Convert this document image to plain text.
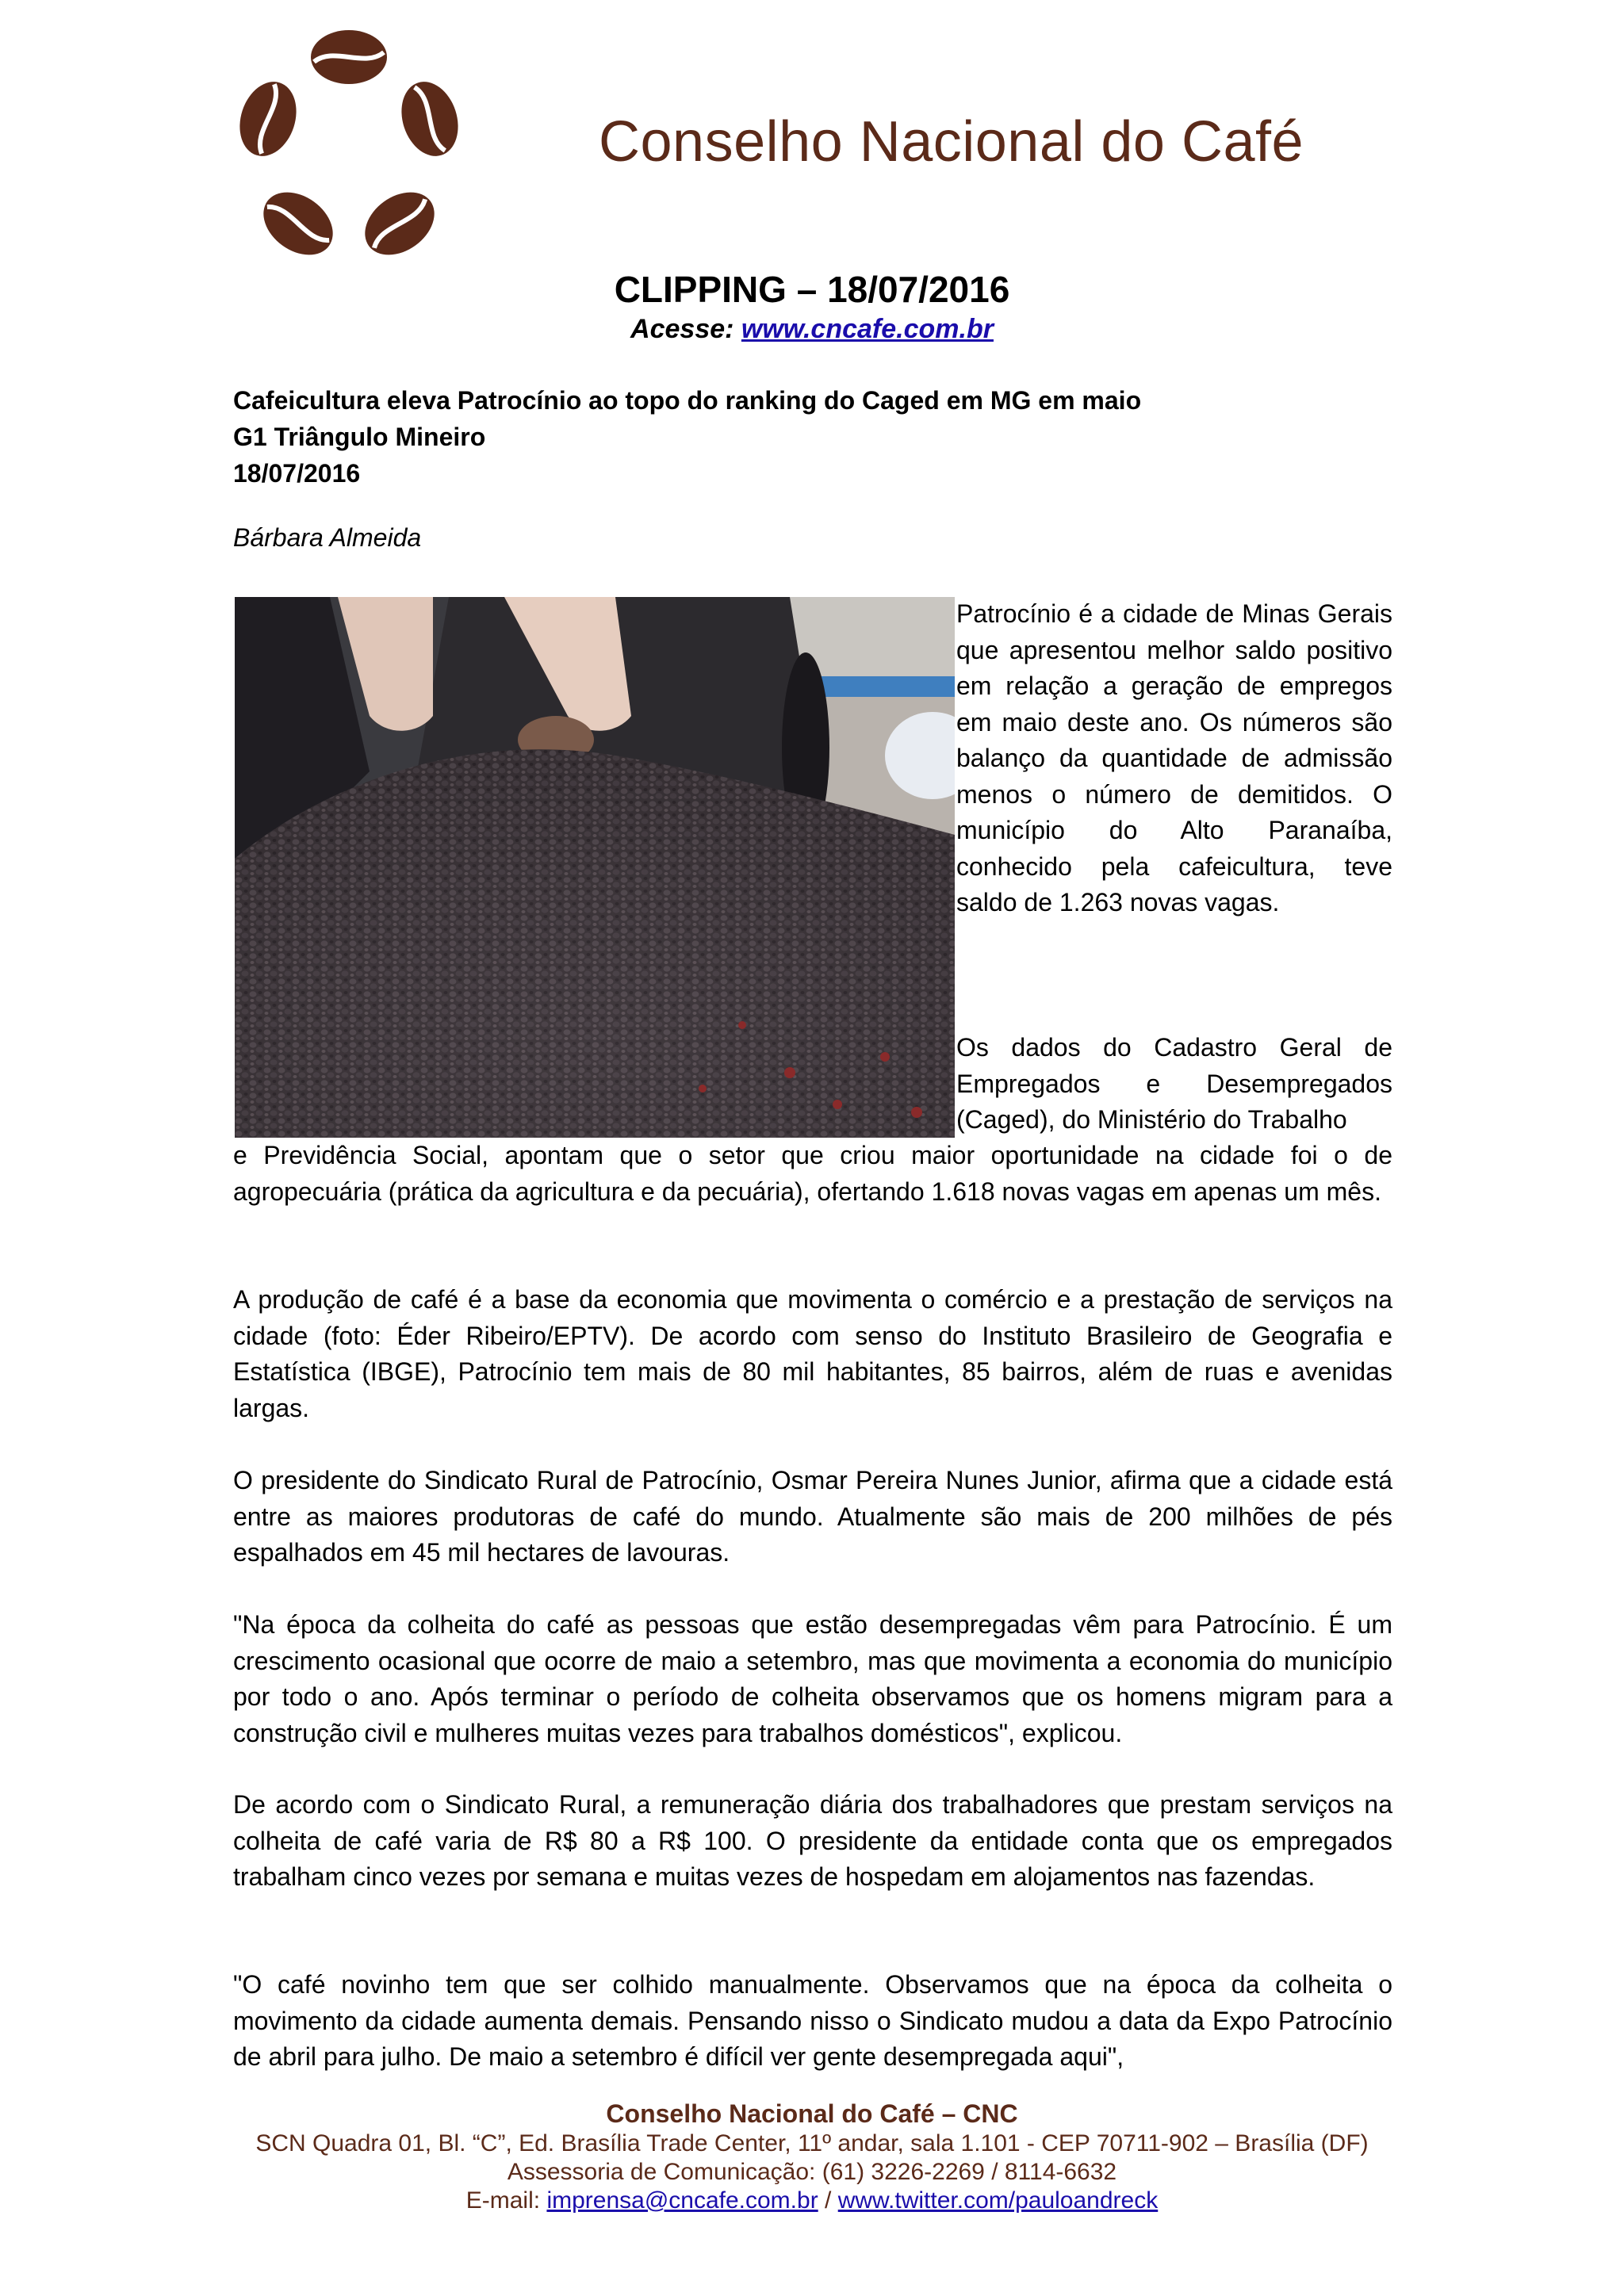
Conselho Nacional do Café
CLIPPING – 18/07/2016
Acesse: www.cncafe.com.br
Cafeicultura eleva Patrocínio ao topo do ranking do Caged em MG em maio
G1 Triângulo Mineiro
18/07/2016
Bárbara Almeida
Patrocínio é a cidade de Minas Gerais que apresentou melhor saldo positivo em relação a geração de empregos em maio deste ano. Os números são balanço da quantidade de admissão menos o número de demitidos. O município do Alto Paranaíba, conhecido pela cafeicultura, teve saldo de 1.263 novas vagas.
Os dados do Cadastro Geral de Empregados e Desempregados (Caged), do Ministério do Trabalho
e Previdência Social, apontam que o setor que criou maior oportunidade na cidade foi o de agropecuária (prática da agricultura e da pecuária), ofertando 1.618 novas vagas em apenas um mês.
A produção de café é a base da economia que movimenta o comércio e a prestação de serviços na cidade (foto: Éder Ribeiro/EPTV). De acordo com senso do Instituto Brasileiro de Geografia e Estatística (IBGE), Patrocínio tem mais de 80 mil habitantes, 85 bairros, além de ruas e avenidas largas.
O presidente do Sindicato Rural de Patrocínio, Osmar Pereira Nunes Junior, afirma que a cidade está entre as maiores produtoras de café do mundo. Atualmente são mais de 200 milhões de pés espalhados em 45 mil hectares de lavouras.
"Na época da colheita do café as pessoas que estão desempregadas vêm para Patrocínio. É um crescimento ocasional que ocorre de maio a setembro, mas que movimenta a economia do município por todo o ano. Após terminar o período de colheita observamos que os homens migram para a construção civil e mulheres muitas vezes para trabalhos domésticos", explicou.
De acordo com o Sindicato Rural, a remuneração diária dos trabalhadores que prestam serviços na colheita de café varia de R$ 80 a R$ 100. O presidente da entidade conta que os empregados trabalham cinco vezes por semana e muitas vezes de hospedam em alojamentos nas fazendas.
"O café novinho tem que ser colhido manualmente. Observamos que na época da colheita o movimento da cidade aumenta demais. Pensando nisso o Sindicato mudou a data da Expo Patrocínio de abril para julho. De maio a setembro é difícil ver gente desempregada aqui",
Conselho Nacional do Café – CNC
SCN Quadra 01, Bl. “C”, Ed. Brasília Trade Center, 11º andar, sala 1.101 - CEP 70711-902 – Brasília (DF)
Assessoria de Comunicação: (61) 3226-2269 / 8114-6632
E-mail: imprensa@cncafe.com.br / www.twitter.com/pauloandreck
